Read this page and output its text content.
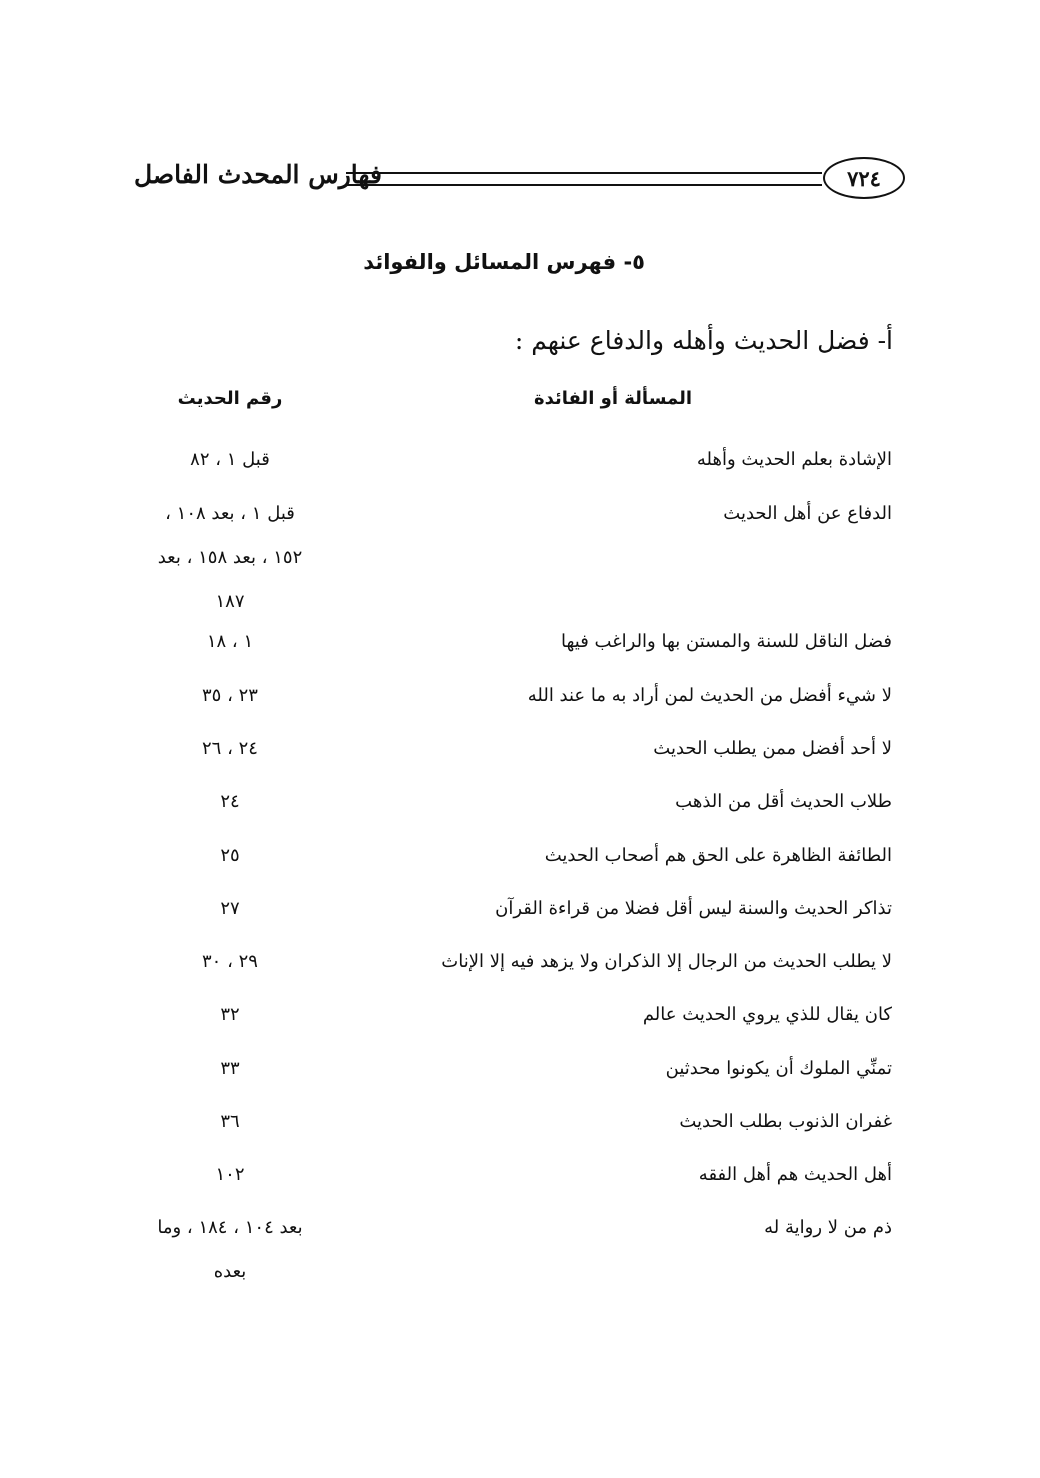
فهارس المحدث الفاصل	٧٢٤
٥- فهرس المسائل والفوائد
أ- فضل الحديث وأهله والدفاع عنهم :
المسألة أو الفائدة
رقم الحديث
الإشادة بعلم الحديث وأهله
قبل ١ ، ٨٢
الدفاع عن أهل الحديث
قبل ١ ، بعد ١٠٨ ،
١٥٢ ، بعد ١٥٨ ، بعد
١٨٧
فضل الناقل للسنة والمستن بها والراغب فيها
١ ، ١٨
لا شيء أفضل من الحديث لمن أراد به ما عند الله
٢٣ ، ٣٥
لا أحد أفضل ممن يطلب الحديث
٢٤ ، ٢٦
طلاب الحديث أقل من الذهب
٢٤
الطائفة الظاهرة على الحق هم أصحاب الحديث
٢٥
تذاكر الحديث والسنة ليس أقل فضلا من قراءة القرآن
٢٧
لا يطلب الحديث من الرجال إلا الذكران ولا يزهد فيه إلا الإناث
٢٩ ، ٣٠
كان يقال للذي يروي الحديث عالم
٣٢
تمنِّي الملوك أن يكونوا محدثين
٣٣
غفران الذنوب بطلب الحديث
٣٦
أهل الحديث هم أهل الفقه
١٠٢
ذم من لا رواية له
بعد ١٠٤ ، ١٨٤ ، وما
بعده
